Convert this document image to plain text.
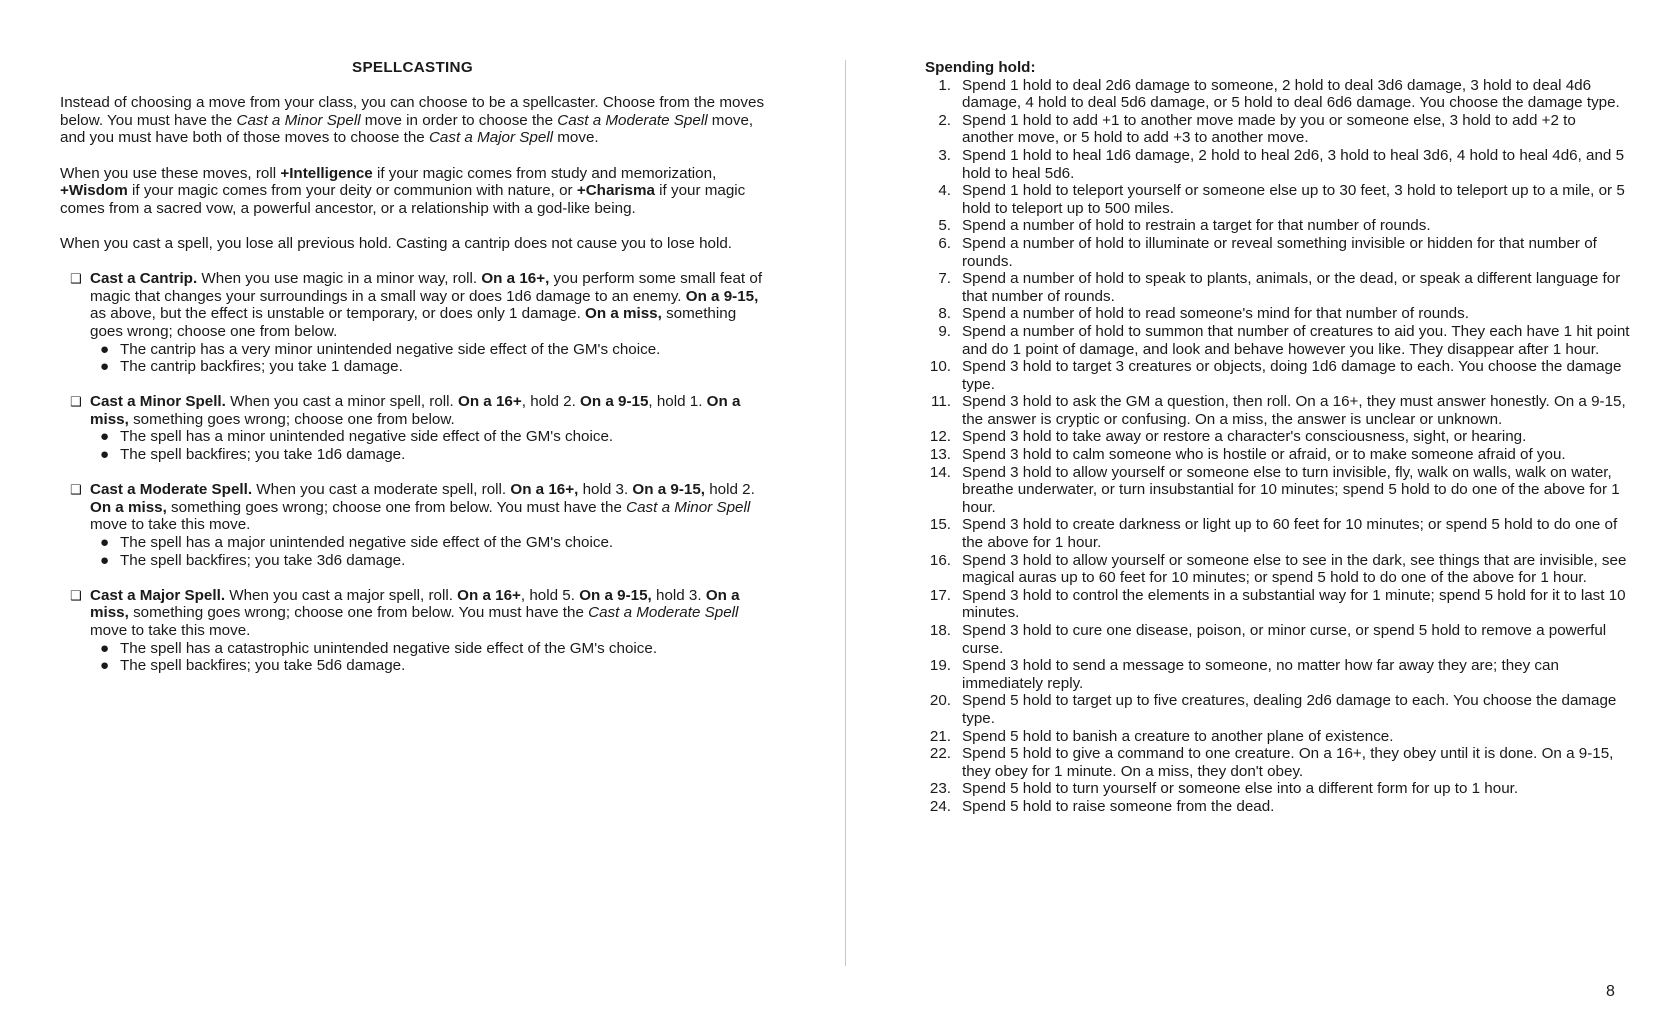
SPELLCASTING

Instead of choosing a move from your class, you can choose to be a spellcaster. Choose from the moves below. You must have the Cast a Minor Spell move in order to choose the Cast a Moderate Spell move, and you must have both of those moves to choose the Cast a Major Spell move.

When you use these moves, roll +Intelligence if your magic comes from study and memorization, +Wisdom if your magic comes from your deity or communion with nature, or +Charisma if your magic comes from a sacred vow, a powerful ancestor, or a relationship with a god-like being.

When you cast a spell, you lose all previous hold. Casting a cantrip does not cause you to lose hold.

❑ Cast a Cantrip. When you use magic in a minor way, roll. On a 16+, you perform some small feat of magic that changes your surroundings in a small way or does 1d6 damage to an enemy. On a 9-15, as above, but the effect is unstable or temporary, or does only 1 damage. On a miss, something goes wrong; choose one from below.
● The cantrip has a very minor unintended negative side effect of the GM's choice.
● The cantrip backfires; you take 1 damage.
❑ Cast a Minor Spell. When you cast a minor spell, roll. On a 16+, hold 2. On a 9-15, hold 1. On a miss, something goes wrong; choose one from below.
● The spell has a minor unintended negative side effect of the GM's choice.
● The spell backfires; you take 1d6 damage.
❑ Cast a Moderate Spell. When you cast a moderate spell, roll. On a 16+, hold 3. On a 9-15, hold 2. On a miss, something goes wrong; choose one from below. You must have the Cast a Minor Spell move to take this move.
● The spell has a major unintended negative side effect of the GM's choice.
● The spell backfires; you take 3d6 damage.
❑ Cast a Major Spell. When you cast a major spell, roll. On a 16+, hold 5. On a 9-15, hold 3. On a miss, something goes wrong; choose one from below. You must have the Cast a Moderate Spell move to take this move.
● The spell has a catastrophic unintended negative side effect of the GM's choice.
● The spell backfires; you take 5d6 damage.
Spending hold:
1. Spend 1 hold to deal 2d6 damage to someone, 2 hold to deal 3d6 damage, 3 hold to deal 4d6 damage, 4 hold to deal 5d6 damage, or 5 hold to deal 6d6 damage. You choose the damage type.
2. Spend 1 hold to add +1 to another move made by you or someone else, 3 hold to add +2 to another move, or 5 hold to add +3 to another move.
3. Spend 1 hold to heal 1d6 damage, 2 hold to heal 2d6, 3 hold to heal 3d6, 4 hold to heal 4d6, and 5 hold to heal 5d6.
4. Spend 1 hold to teleport yourself or someone else up to 30 feet, 3 hold to teleport up to a mile, or 5 hold to teleport up to 500 miles.
5. Spend a number of hold to restrain a target for that number of rounds.
6. Spend a number of hold to illuminate or reveal something invisible or hidden for that number of rounds.
7. Spend a number of hold to speak to plants, animals, or the dead, or speak a different language for that number of rounds.
8. Spend a number of hold to read someone's mind for that number of rounds.
9. Spend a number of hold to summon that number of creatures to aid you. They each have 1 hit point and do 1 point of damage, and look and behave however you like. They disappear after 1 hour.
10. Spend 3 hold to target 3 creatures or objects, doing 1d6 damage to each. You choose the damage type.
11. Spend 3 hold to ask the GM a question, then roll. On a 16+, they must answer honestly. On a 9-15, the answer is cryptic or confusing. On a miss, the answer is unclear or unknown.
12. Spend 3 hold to take away or restore a character's consciousness, sight, or hearing.
13. Spend 3 hold to calm someone who is hostile or afraid, or to make someone afraid of you.
14. Spend 3 hold to allow yourself or someone else to turn invisible, fly, walk on walls, walk on water, breathe underwater, or turn insubstantial for 10 minutes; spend 5 hold to do one of the above for 1 hour.
15. Spend 3 hold to create darkness or light up to 60 feet for 10 minutes; or spend 5 hold to do one of the above for 1 hour.
16. Spend 3 hold to allow yourself or someone else to see in the dark, see things that are invisible, see magical auras up to 60 feet for 10 minutes; or spend 5 hold to do one of the above for 1 hour.
17. Spend 3 hold to control the elements in a substantial way for 1 minute; spend 5 hold for it to last 10 minutes.
18. Spend 3 hold to cure one disease, poison, or minor curse, or spend 5 hold to remove a powerful curse.
19. Spend 3 hold to send a message to someone, no matter how far away they are; they can immediately reply.
20. Spend 5 hold to target up to five creatures, dealing 2d6 damage to each. You choose the damage type.
21. Spend 5 hold to banish a creature to another plane of existence.
22. Spend 5 hold to give a command to one creature. On a 16+, they obey until it is done. On a 9-15, they obey for 1 minute. On a miss, they don't obey.
23. Spend 5 hold to turn yourself or someone else into a different form for up to 1 hour.
24. Spend 5 hold to raise someone from the dead.
8
